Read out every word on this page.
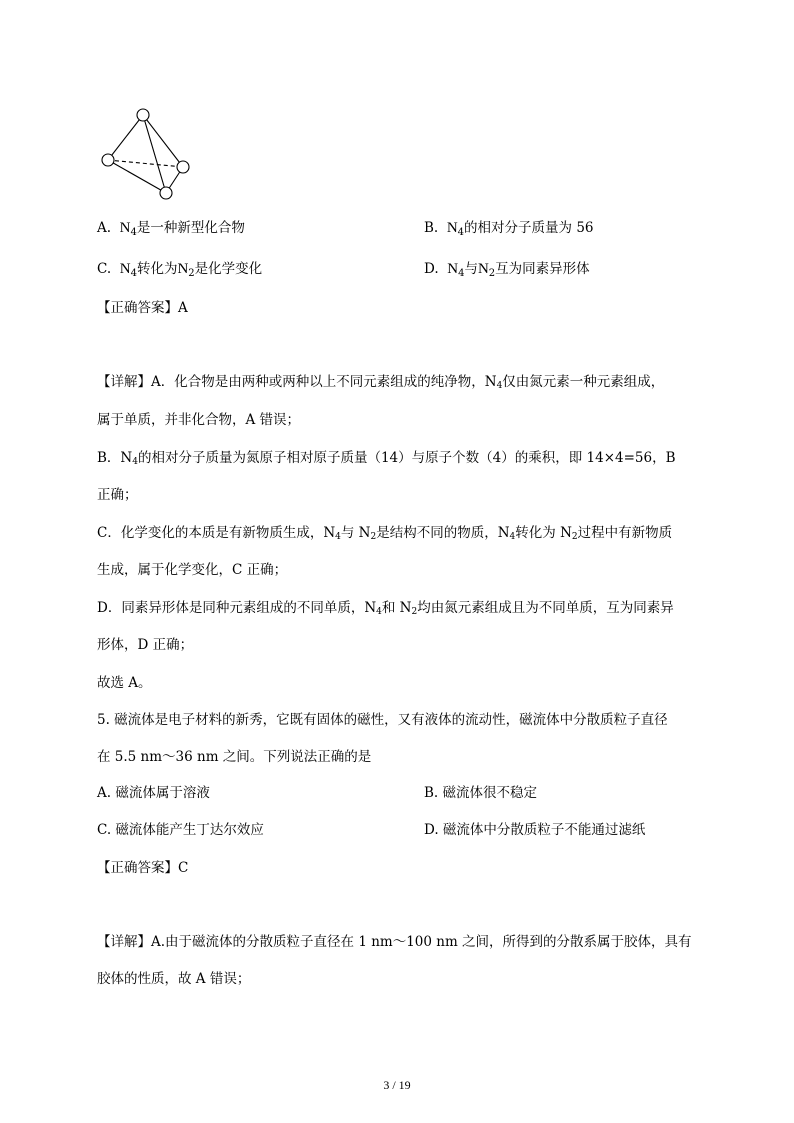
A. $N_4$是一种新型化合物	B. $N_4$的相对分子质量为 56
C. $N_4$转化为$N_2$是化学变化	D. $N_4$与$N_2$互为同素异形体
【正确答案】A
【详解】A．化合物是由两种或两种以上不同元素组成的纯净物，$N_4$仅由氮元素一种元素组成，
属于单质，并非化合物，A 错误；
B．$N_4$的相对分子质量为氮原子相对原子质量（14）与原子个数（4）的乘积，即 14×4=56，B
正确；
C．化学变化的本质是有新物质生成，$N_4$与 $N_2$是结构不同的物质，$N_4$转化为 $N_2$过程中有新物质
生成，属于化学变化，C 正确；
D．同素异形体是同种元素组成的不同单质，$N_4$和 $N_2$均由氮元素组成且为不同单质，互为同素异
形体，D 正确；
故选 A。
5. 磁流体是电子材料的新秀，它既有固体的磁性，又有液体的流动性，磁流体中分散质粒子直径
在 5.5 nm～36 nm 之间。下列说法正确的是
A. 磁流体属于溶液	B. 磁流体很不稳定
C. 磁流体能产生丁达尔效应	D. 磁流体中分散质粒子不能通过滤纸
【正确答案】C
【详解】A.由于磁流体的分散质粒子直径在 1 nm～100 nm 之间，所得到的分散系属于胶体，具有
胶体的性质，故 A 错误；
3 / 19
